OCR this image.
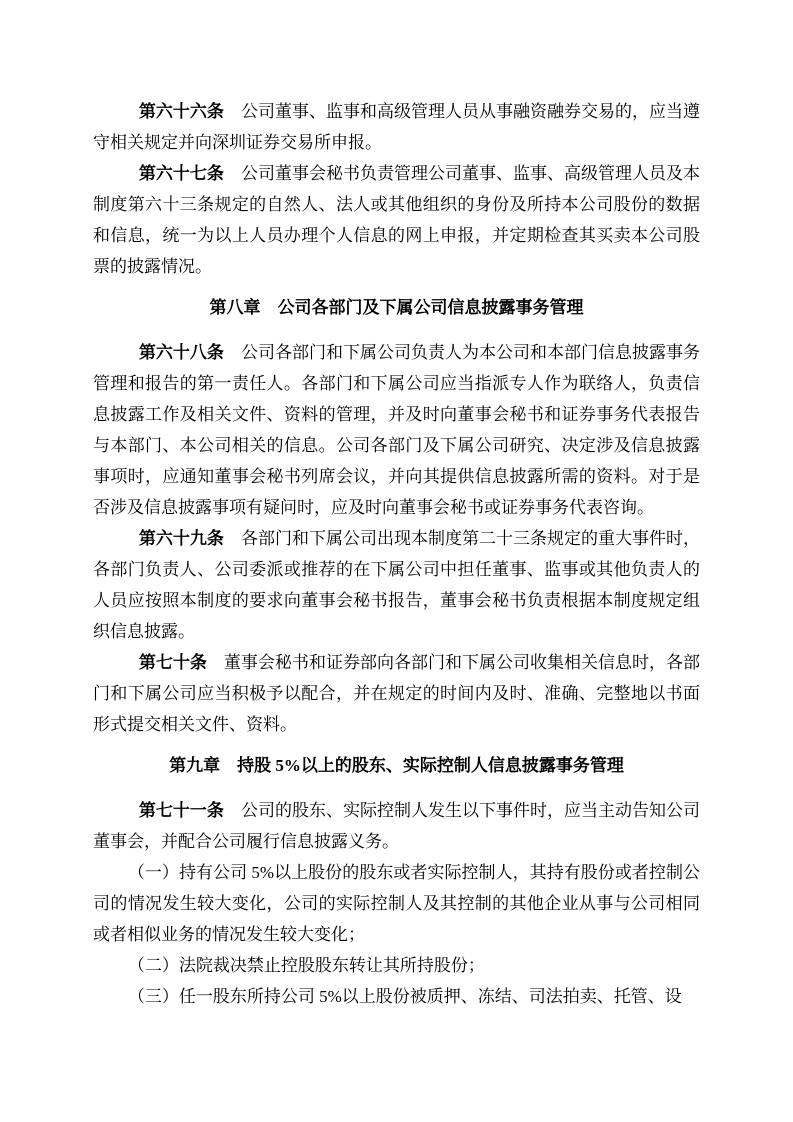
第六十六条　 公司董事、监事和高级管理人员从事融资融券交易的，应当遵守相关规定并向深圳证券交易所申报。

第六十七条　 公司董事会秘书负责管理公司董事、监事、高级管理人员及本制度第六十三条规定的自然人、法人或其他组织的身份及所持本公司股份的数据和信息，统一为以上人员办理个人信息的网上申报，并定期检查其买卖本公司股票的披露情况。

第八章　公司各部门及下属公司信息披露事务管理

第六十八条　 公司各部门和下属公司负责人为本公司和本部门信息披露事务管理和报告的第一责任人。各部门和下属公司应当指派专人作为联络人，负责信息披露工作及相关文件、资料的管理，并及时向董事会秘书和证券事务代表报告与本部门、本公司相关的信息。公司各部门及下属公司研究、决定涉及信息披露事项时，应通知董事会秘书列席会议，并向其提供信息披露所需的资料。对于是否涉及信息披露事项有疑问时，应及时向董事会秘书或证券事务代表咨询。

第六十九条　 各部门和下属公司出现本制度第二十三条规定的重大事件时，各部门负责人、公司委派或推荐的在下属公司中担任董事、监事或其他负责人的人员应按照本制度的要求向董事会秘书报告，董事会秘书负责根据本制度规定组织信息披露。

第七十条　 董事会秘书和证券部向各部门和下属公司收集相关信息时，各部门和下属公司应当积极予以配合，并在规定的时间内及时、准确、完整地以书面形式提交相关文件、资料。

第九章　持股 5%以上的股东、实际控制人信息披露事务管理

第七十一条　 公司的股东、实际控制人发生以下事件时，应当主动告知公司董事会，并配合公司履行信息披露义务。

（一）持有公司 5%以上股份的股东或者实际控制人，其持有股份或者控制公司的情况发生较大变化，公司的实际控制人及其控制的其他企业从事与公司相同或者相似业务的情况发生较大变化；

（二）法院裁决禁止控股股东转让其所持股份；

（三）任一股东所持公司 5%以上股份被质押、冻结、司法拍卖、托管、设
